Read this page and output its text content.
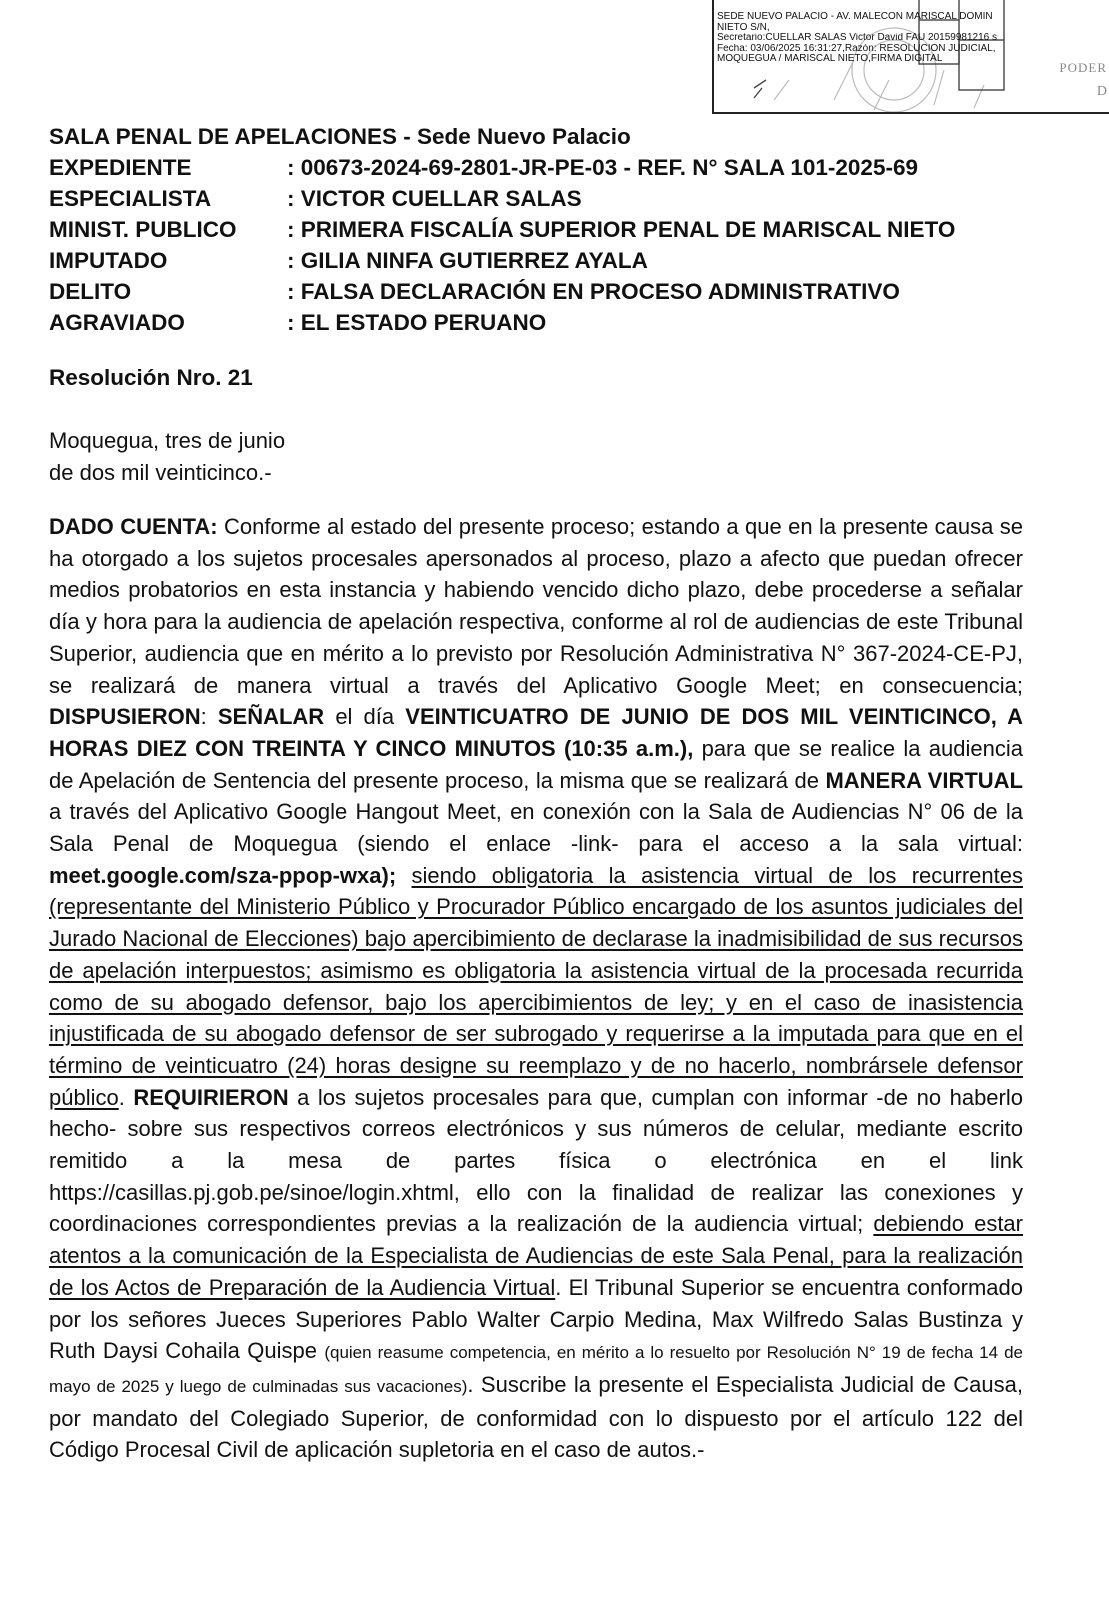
SEDE NUEVO PALACIO - AV. MALECON MARISCAL DOMIN
NIETO S/N,
Secretario:CUELLAR SALAS Victor David FAU 20159981216 s
Fecha: 03/06/2025 16:31:27,Razón: RESOLUCIÓN JUDICIAL,
MOQUEGUA / MARISCAL NIETO,FIRMA DIGITAL
PODER
D
SALA PENAL DE APELACIONES - Sede Nuevo Palacio
EXPEDIENTE	: 00673-2024-69-2801-JR-PE-03 - REF. N° SALA 101-2025-69
ESPECIALISTA	: VICTOR CUELLAR SALAS
MINIST. PUBLICO	: PRIMERA FISCALÍA SUPERIOR PENAL DE MARISCAL NIETO
IMPUTADO	: GILIA NINFA GUTIERREZ AYALA
DELITO	: FALSA DECLARACIÓN EN PROCESO ADMINISTRATIVO
AGRAVIADO	: EL ESTADO PERUANO
Resolución Nro. 21
Moquegua, tres de junio
de dos mil veinticinco.-
DADO CUENTA: Conforme al estado del presente proceso; estando a que en la presente causa se ha otorgado a los sujetos procesales apersonados al proceso, plazo a afecto que puedan ofrecer medios probatorios en esta instancia y habiendo vencido dicho plazo, debe procederse a señalar día y hora para la audiencia de apelación respectiva, conforme al rol de audiencias de este Tribunal Superior, audiencia que en mérito a lo previsto por Resolución Administrativa N° 367-2024-CE-PJ, se realizará de manera virtual a través del Aplicativo Google Meet; en consecuencia; DISPUSIERON: SEÑALAR el día VEINTICUATRO DE JUNIO DE DOS MIL VEINTICINCO, A HORAS DIEZ CON TREINTA Y CINCO MINUTOS (10:35 a.m.), para que se realice la audiencia de Apelación de Sentencia del presente proceso, la misma que se realizará de MANERA VIRTUAL a través del Aplicativo Google Hangout Meet, en conexión con la Sala de Audiencias N° 06 de la Sala Penal de Moquegua (siendo el enlace -link- para el acceso a la sala virtual: meet.google.com/sza-ppop-wxa); siendo obligatoria la asistencia virtual de los recurrentes (representante del Ministerio Público y Procurador Público encargado de los asuntos judiciales del Jurado Nacional de Elecciones) bajo apercibimiento de declarase la inadmisibilidad de sus recursos de apelación interpuestos; asimismo es obligatoria la asistencia virtual de la procesada recurrida como de su abogado defensor, bajo los apercibimientos de ley; y en el caso de inasistencia injustificada de su abogado defensor de ser subrogado y requerirse a la imputada para que en el término de veinticuatro (24) horas designe su reemplazo y de no hacerlo, nombrársele defensor público. REQUIRIERON a los sujetos procesales para que, cumplan con informar -de no haberlo hecho- sobre sus respectivos correos electrónicos y sus números de celular, mediante escrito remitido a la mesa de partes física o electrónica en el link https://casillas.pj.gob.pe/sinoe/login.xhtml, ello con la finalidad de realizar las conexiones y coordinaciones correspondientes previas a la realización de la audiencia virtual; debiendo estar atentos a la comunicación de la Especialista de Audiencias de este Sala Penal, para la realización de los Actos de Preparación de la Audiencia Virtual. El Tribunal Superior se encuentra conformado por los señores Jueces Superiores Pablo Walter Carpio Medina, Max Wilfredo Salas Bustinza y Ruth Daysi Cohaila Quispe (quien reasume competencia, en mérito a lo resuelto por Resolución N° 19 de fecha 14 de mayo de 2025 y luego de culminadas sus vacaciones). Suscribe la presente el Especialista Judicial de Causa, por mandato del Colegiado Superior, de conformidad con lo dispuesto por el artículo 122 del Código Procesal Civil de aplicación supletoria en el caso de autos.-
